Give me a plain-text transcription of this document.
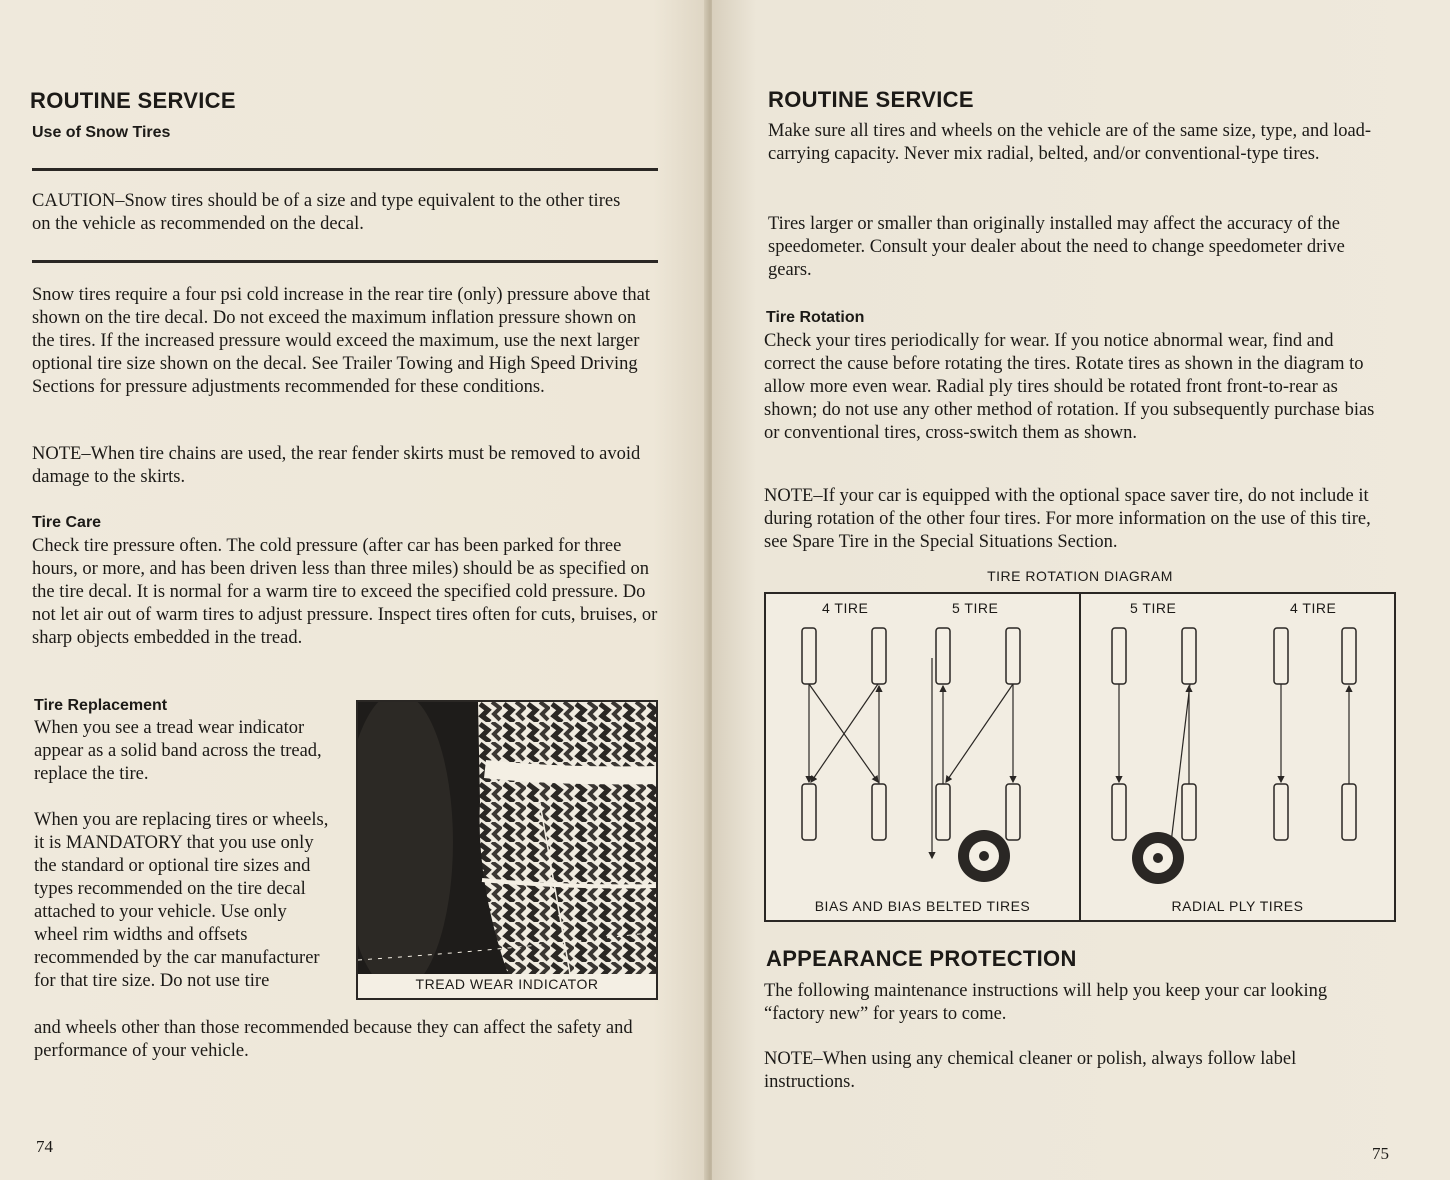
ROUTINE SERVICE
Use of Snow Tires

CAUTION–Snow tires should be of a size and type equivalent to the other tires on the vehicle as recommended on the decal.

Snow tires require a four psi cold increase in the rear tire (only) pressure above that shown on the tire decal. Do not exceed the maximum inflation pressure shown on the tires. If the increased pressure would exceed the maximum, use the next larger optional tire size shown on the decal. See Trailer Towing and High Speed Driving Sections for pressure adjustments recommended for these conditions.

NOTE–When tire chains are used, the rear fender skirts must be removed to avoid damage to the skirts.

Tire Care

Check tire pressure often. The cold pressure (after car has been parked for three hours, or more, and has been driven less than three miles) should be as specified on the tire decal. It is normal for a warm tire to exceed the specified cold pressure. Do not let air out of warm tires to adjust pressure. Inspect tires often for cuts, bruises, or sharp objects embedded in the tread.

Tire Replacement

When you see a tread wear indicator appear as a solid band across the tread, replace the tire.

When you are replacing tires or wheels, it is MANDATORY that you use only the standard or optional tire sizes and types recommended on the tire decal attached to your vehicle. Use only wheel rim widths and offsets recommended by the car manufacturer for that tire size. Do not use tire

and wheels other than those recommended because they can affect the safety and performance of your vehicle.

TREAD WEAR INDICATOR
74
ROUTINE SERVICE

Make sure all tires and wheels on the vehicle are of the same size, type, and load-carrying capacity. Never mix radial, belted, and/or conventional-type tires.

Tires larger or smaller than originally installed may affect the accuracy of the speedometer. Consult your dealer about the need to change speedometer drive gears.

Tire Rotation

Check your tires periodically for wear. If you notice abnormal wear, find and correct the cause before rotating the tires. Rotate tires as shown in the diagram to allow more even wear. Radial ply tires should be rotated front front-to-rear as shown; do not use any other method of rotation. If you subsequently purchase bias or conventional tires, cross-switch them as shown.

NOTE–If your car is equipped with the optional space saver tire, do not include it during rotation of the other four tires. For more information on the use of this tire, see Spare Tire in the Special Situations Section.

TIRE ROTATION DIAGRAM
4 TIRE	5 TIRE	5 TIRE	4 TIRE
BIAS AND BIAS BELTED TIRES	RADIAL PLY TIRES
APPEARANCE PROTECTION

The following maintenance instructions will help you keep your car looking “factory new” for years to come.

NOTE–When using any chemical cleaner or polish, always follow label instructions.

75
